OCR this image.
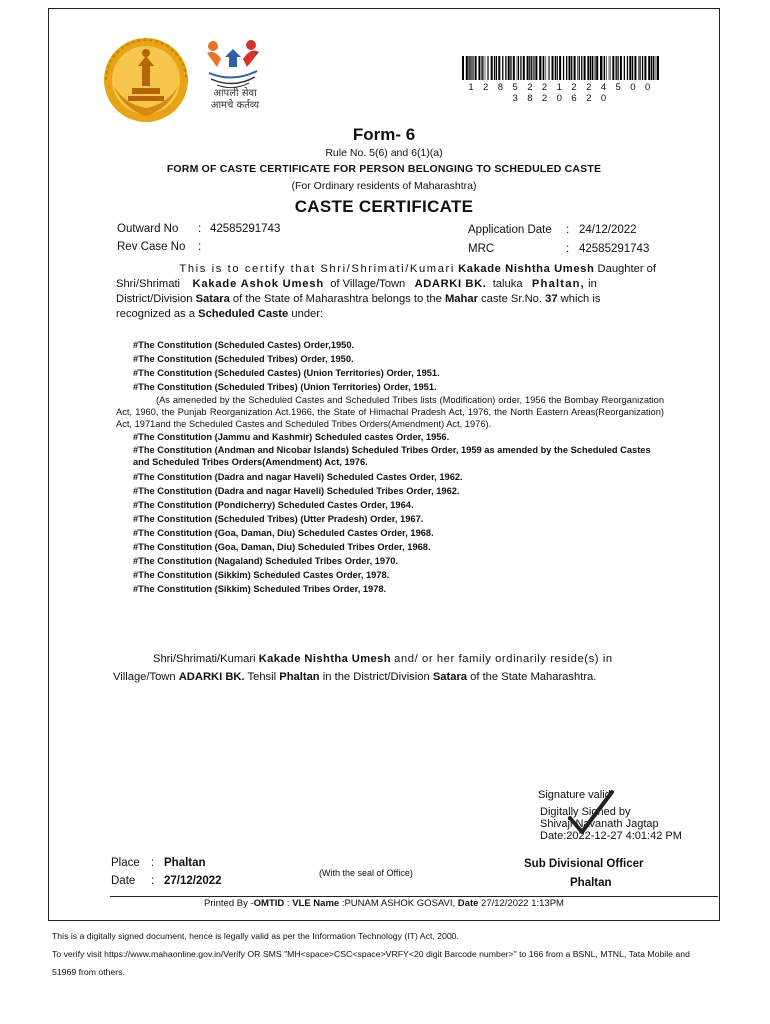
आपली सेवा
आमचे कर्तव्य
1 2 8 5 2 2 1 2 2 4 5 0 0 3 8 2 0 6 2 0
Form- 6
Rule No. 5(6) and 6(1)(a)
FORM OF CASTE CERTIFICATE FOR PERSON BELONGING TO SCHEDULED CASTE
(For Ordinary residents of Maharashtra)
CASTE CERTIFICATE
Outward No : 42585291743
Rev Case No :
Application Date : 24/12/2022
MRC	: 42585291743
This is to certify that Shri/Shrimati/Kumari Kakade Nishtha Umesh Daughter of
Shri/Shrimati Kakade Ashok Umesh of Village/Town ADARKI BK. taluka Phaltan, in
District/Division Satara of the State of Maharashtra belongs to the Mahar caste Sr.No. 37 which is
recognized as a Scheduled Caste under:
#The Constitution (Scheduled Castes) Order,1950.
#The Constitution (Scheduled Tribes) Order, 1950.
#The Constitution (Scheduled Castes) (Union Territories) Order, 1951.
#The Constitution (Scheduled Tribes) (Union Territories) Order, 1951.
(As ameneded by the Scheduled Castes and Scheduled Tribes lists (Modification) order, 1956 the Bombay Reorganization Act, 1960, the Punjab Reorganization Act.1966, the State of Himachal Pradesh Act, 1976, the North Eastern Areas(Reorganization) Act, 1971and the Scheduled Castes and Scheduled Tribes Orders(Amendment) Act, 1976).
#The Constitution (Jammu and Kashmir) Scheduled castes Order, 1956.
#The Constitution (Andman and Nicobar Islands) Scheduled Tribes Order, 1959 as amended by the Scheduled Castes and Scheduled Tribes Orders(Amendment) Act, 1976.
#The Constitution (Dadra and nagar Haveli) Scheduled Castes Order, 1962.
#The Constitution (Dadra and nagar Haveli) Scheduled Tribes Order, 1962.
#The Constitution (Pondicherry) Scheduled Castes Order, 1964.
#The Constitution (Scheduled Tribes) (Utter Pradesh) Order, 1967.
#The Constitution (Goa, Daman, Diu) Scheduled Castes Order, 1968.
#The Constitution (Goa, Daman, Diu) Scheduled Tribes Order, 1968.
#The Constitution (Nagaland) Scheduled Tribes Order, 1970.
#The Constitution (Sikkim) Scheduled Castes Order, 1978.
#The Constitution (Sikkim) Scheduled Tribes Order, 1978.
Shri/Shrimati/Kumari Kakade Nishtha Umesh and/ or her family ordinarily reside(s) in
Village/Town ADARKI BK. Tehsil Phaltan in the District/Division Satara of the State Maharashtra.
Signature valid
Digitally Signed by
Shivaji Navanath Jagtap
Date:2022-12-27 4:01:42 PM
Place : Phaltan
Date : 27/12/2022
(With the seal of Office)
Sub Divisional Officer
Phaltan
Printed By -OMTID : VLE Name :PUNAM ASHOK GOSAVI, Date 27/12/2022 1:13PM
This is a digitally signed document, hence is legally valid as per the Information Technology (IT) Act, 2000.
To verify visit https://www.mahaonline.gov.in/Verify OR SMS "MH<space>CSC<space>VRFY<20 digit Barcode number>" to 166 from a BSNL, MTNL, Tata Mobile and
51969 from others.
